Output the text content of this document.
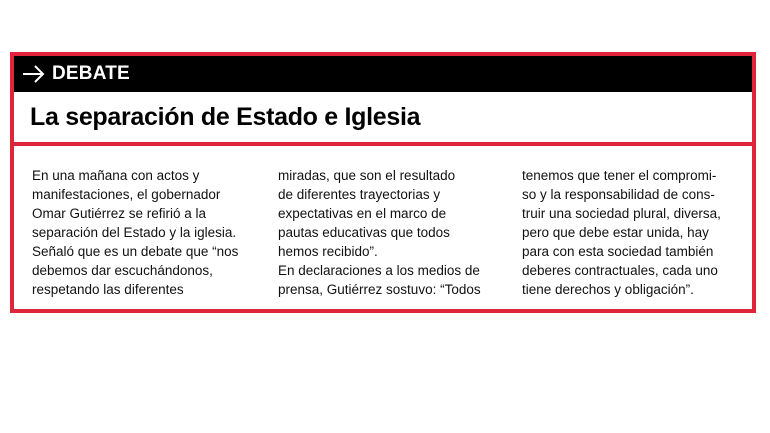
DEBATE
La separación de Estado e Iglesia
En una mañana con actos y
manifestaciones, el gobernador
Omar Gutiérrez se refirió a la
separación del Estado y la iglesia.
Señaló que es un debate que “nos
debemos dar escuchándonos,
respetando las diferentes
miradas, que son el resultado
de diferentes trayectorias y
expectativas en el marco de
pautas educativas que todos
hemos recibido”.
En declaraciones a los medios de
prensa, Gutiérrez sostuvo: “Todos
tenemos que tener el compromi-
so y la responsabilidad de cons-
truir una sociedad plural, diversa,
pero que debe estar unida, hay
para con esta sociedad también
deberes contractuales, cada uno
tiene derechos y obligación”.
